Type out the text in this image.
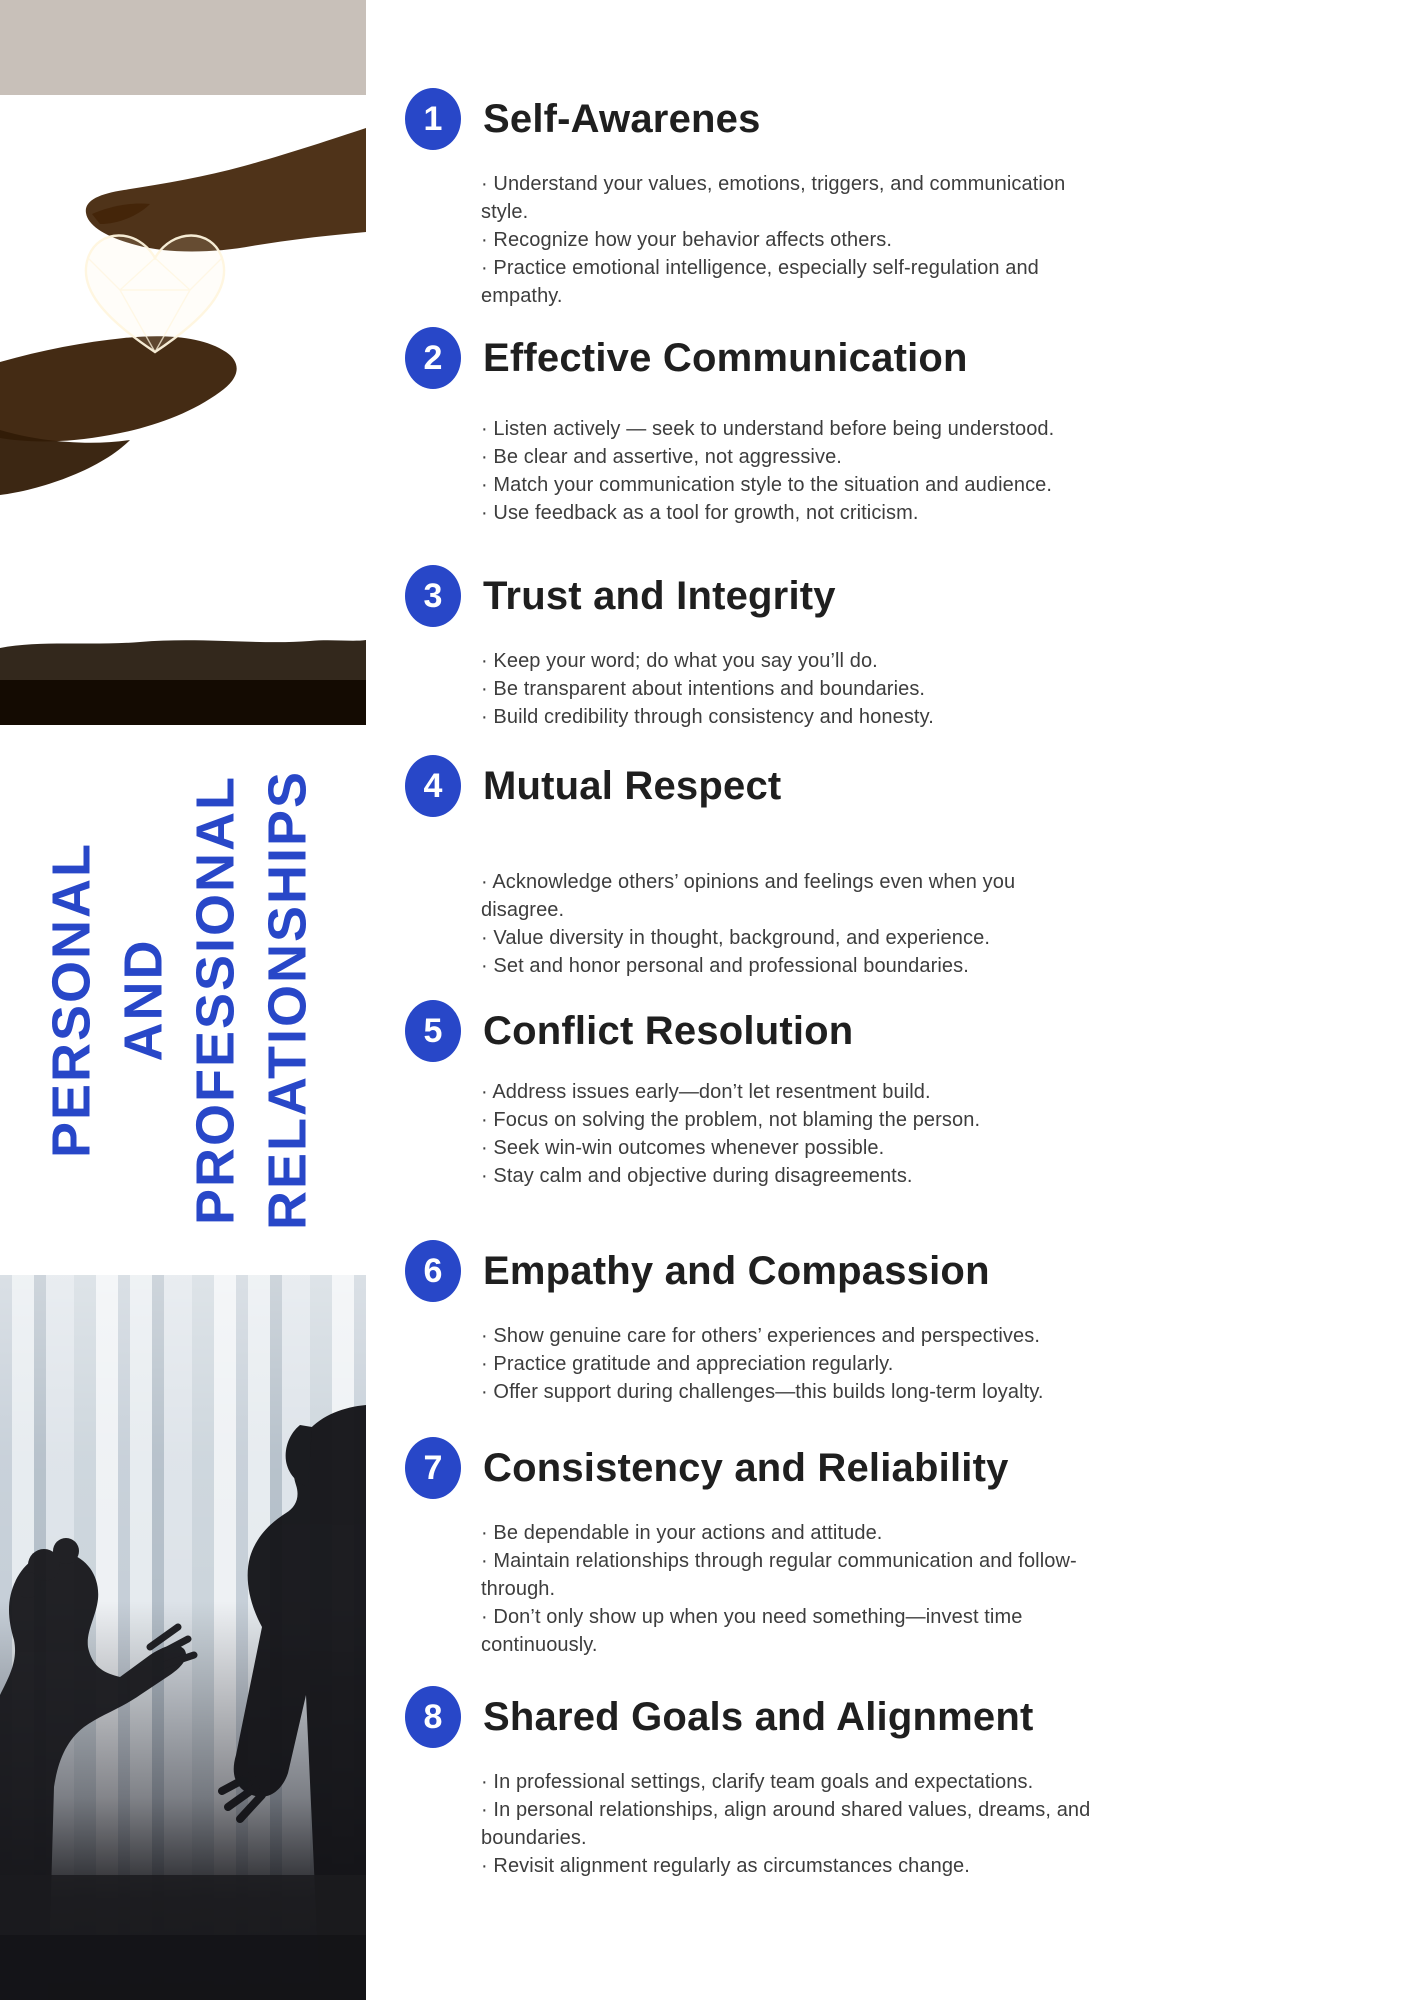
PERSONAL AND PROFESSIONAL RELATIONSHIPS
1 Self-Awarenes
· Understand your values, emotions, triggers, and communication style.
· Recognize how your behavior affects others.
· Practice emotional intelligence, especially self-regulation and empathy.
2 Effective Communication
· Listen actively — seek to understand before being understood.
· Be clear and assertive, not aggressive.
· Match your communication style to the situation and audience.
· Use feedback as a tool for growth, not criticism.
3 Trust and Integrity
· Keep your word; do what you say you’ll do.
· Be transparent about intentions and boundaries.
· Build credibility through consistency and honesty.
4 Mutual Respect
· Acknowledge others’ opinions and feelings even when you disagree.
· Value diversity in thought, background, and experience.
· Set and honor personal and professional boundaries.
5 Conflict Resolution
· Address issues early—don’t let resentment build.
· Focus on solving the problem, not blaming the person.
· Seek win-win outcomes whenever possible.
· Stay calm and objective during disagreements.
6 Empathy and Compassion
· Show genuine care for others’ experiences and perspectives.
· Practice gratitude and appreciation regularly.
· Offer support during challenges—this builds long-term loyalty.
7 Consistency and Reliability
· Be dependable in your actions and attitude.
· Maintain relationships through regular communication and follow-through.
· Don’t only show up when you need something—invest time continuously.
8 Shared Goals and Alignment
· In professional settings, clarify team goals and expectations.
· In personal relationships, align around shared values, dreams, and boundaries.
· Revisit alignment regularly as circumstances change.
